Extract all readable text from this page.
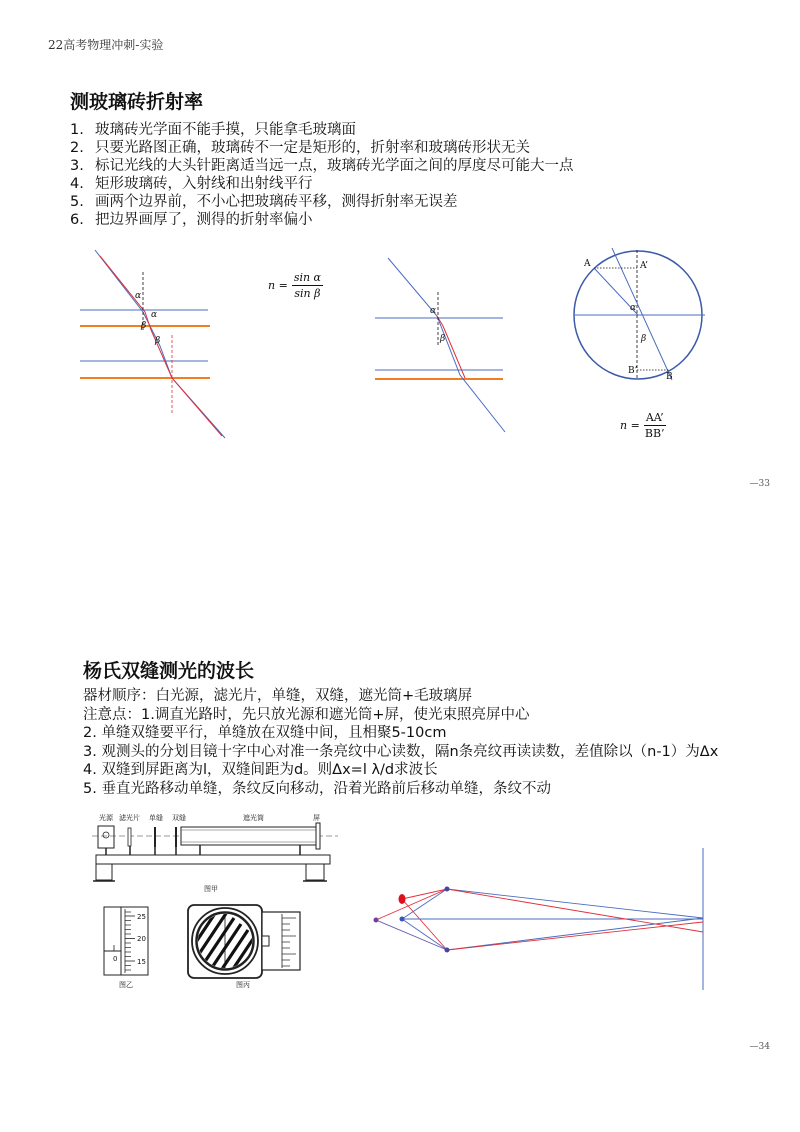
22高考物理冲刺-实验
测玻璃砖折射率
1. 玻璃砖光学面不能手摸，只能拿毛玻璃面
2. 只要光路图正确，玻璃砖不一定是矩形的，折射率和玻璃砖形状无关
3. 标记光线的大头针距离适当远一点，玻璃砖光学面之间的厚度尽可能大一点
4. 矩形玻璃砖，入射线和出射线平行
5. 画两个边界前，不小心把玻璃砖平移，测得折射率无误差
6. 把边界画厚了，测得的折射率偏小
α
α
β
β
$n = \frac{\text{sin α}}{\text{sin β}}$
α
β
A	A’
α
β
B’
B
$n = \frac{AA’}{BB’}$
—33
杨氏双缝测光的波长
器材顺序：白光源，滤光片，单缝，双缝，遮光筒+毛玻璃屏
注意点：1.调直光路时，先只放光源和遮光筒+屏，使光束照亮屏中心
2. 单缝双缝要平行，单缝放在双缝中间，且相聚5-10cm
3. 观测头的分划目镜十字中心对准一条亮纹中心读数，隔n条亮纹再读读数，差值除以（n-1）为Δx
4. 双缝到屏距离为l，双缝间距为d。则Δx=l λ/d求波长
5. 垂直光路移动单缝，条纹反向移动，沿着光路前后移动单缝，条纹不动
光源 滤光片 单缝 双缝	遮光筒	屏
图甲
0
25
20
15
图乙	图丙
—34
